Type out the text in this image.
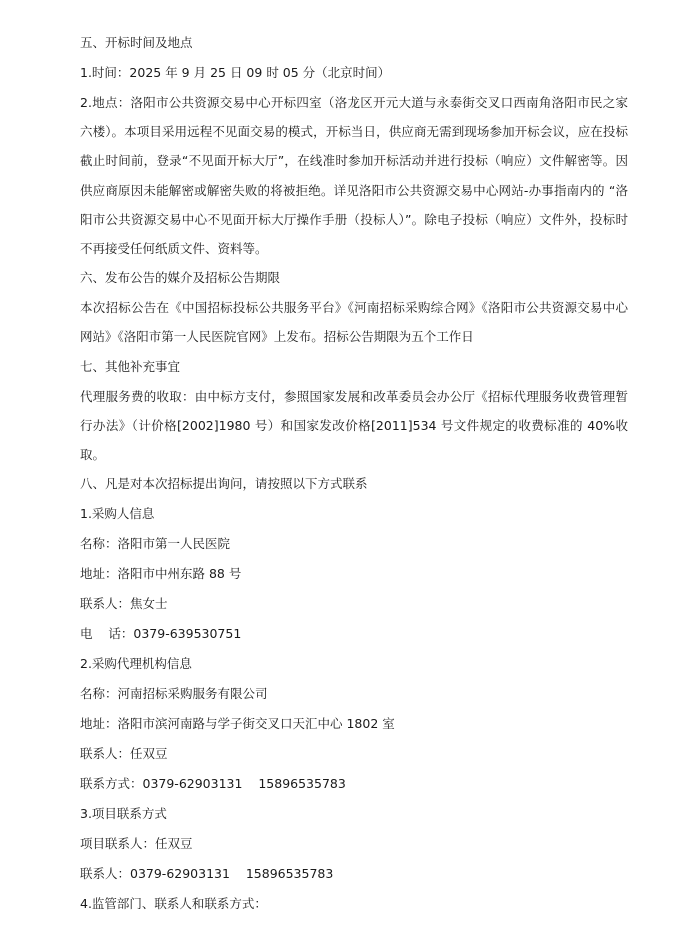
五、开标时间及地点
1.时间：2025 年 9 月 25 日 09 时 05 分（北京时间）
2.地点：洛阳市公共资源交易中心开标四室（洛龙区开元大道与永泰街交叉口西南角洛阳市民之家六楼）。本项目采用远程不见面交易的模式，开标当日，供应商无需到现场参加开标会议，应在投标截止时间前，登录“不见面开标大厅”，在线准时参加开标活动并进行投标（响应）文件解密等。因供应商原因未能解密或解密失败的将被拒绝。详见洛阳市公共资源交易中心网站-办事指南内的 “洛阳市公共资源交易中心不见面开标大厅操作手册（投标人）”。除电子投标（响应）文件外，投标时不再接受任何纸质文件、资料等。
六、发布公告的媒介及招标公告期限
本次招标公告在《中国招标投标公共服务平台》《河南招标采购综合网》《洛阳市公共资源交易中心网站》《洛阳市第一人民医院官网》上发布。招标公告期限为五个工作日
七、其他补充事宜
代理服务费的收取：由中标方支付，参照国家发展和改革委员会办公厅《招标代理服务收费管理暂行办法》（计价格[2002]1980 号）和国家发改价格[2011]534 号文件规定的收费标准的 40%收取。
八、凡是对本次招标提出询问，请按照以下方式联系
1.采购人信息
名称：洛阳市第一人民医院
地址：洛阳市中州东路 88 号
联系人：焦女士
电    话：0379-639530751
2.采购代理机构信息
名称：河南招标采购服务有限公司
地址：洛阳市滨河南路与学子街交叉口天汇中心 1802 室
联系人：任双豆
联系方式：0379-62903131    15896535783
3.项目联系方式
项目联系人：任双豆
联系人：0379-62903131    15896535783
4.监管部门、联系人和联系方式：
